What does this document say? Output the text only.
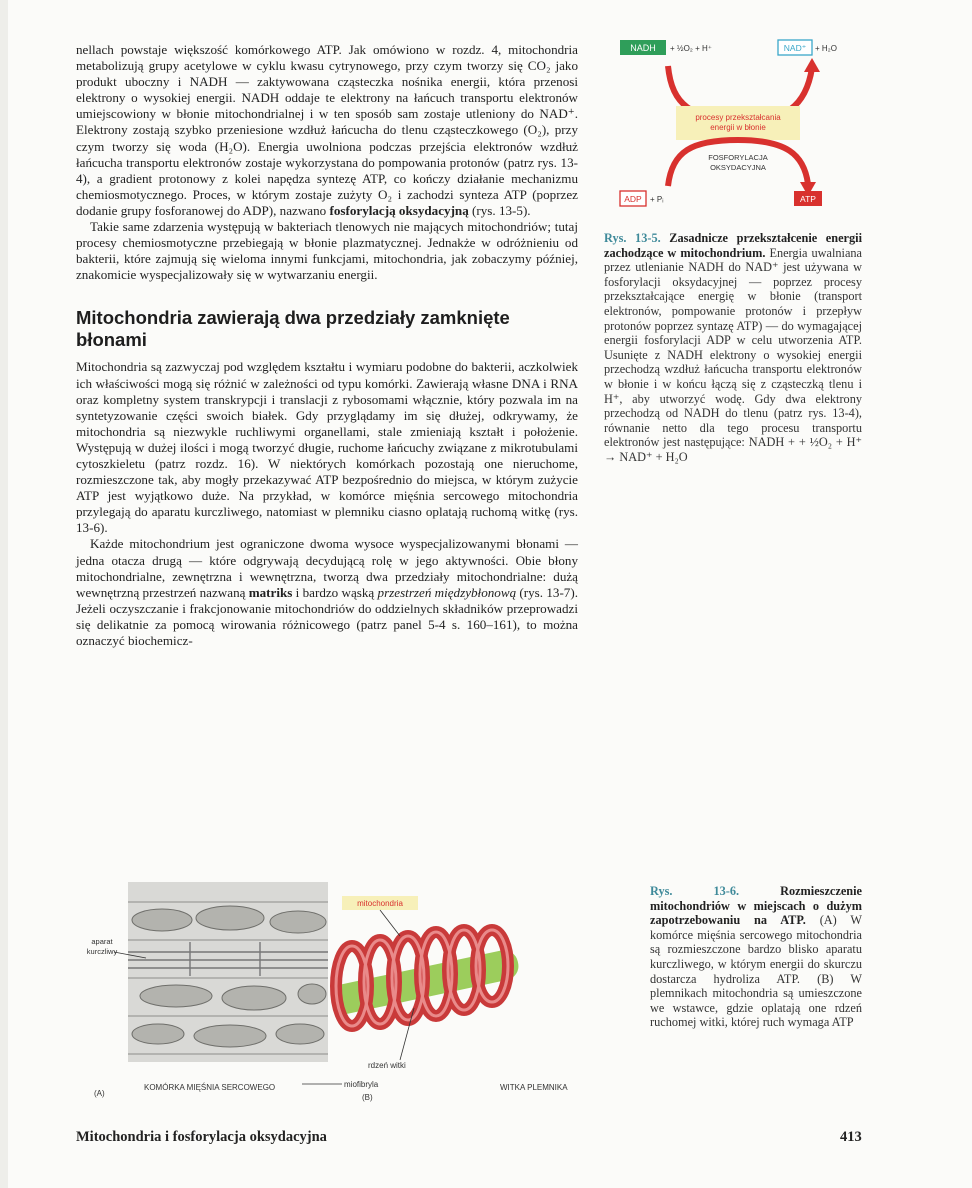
nellach powstaje większość komórkowego ATP. Jak omówiono w rozdz. 4, mitochondria metabolizują grupy acetylowe w cyklu kwasu cytrynowego, przy czym tworzy się CO₂ jako produkt uboczny i NADH — zaktywowana cząsteczka nośnika energii, która przenosi elektrony o wysokiej energii. NADH oddaje te elektrony na łańcuch transportu elektronów umiejscowiony w błonie mitochondrialnej i w ten sposób sam zostaje utleniony do NAD⁺. Elektrony zostają szybko przeniesione wzdłuż łańcucha do tlenu cząsteczkowego (O₂), przy czym tworzy się woda (H₂O). Energia uwolniona podczas przejścia elektronów wzdłuż łańcucha transportu elektronów zostaje wykorzystana do pompowania protonów (patrz rys. 13-4), a gradient protonowy z kolei napędza syntezę ATP, co kończy działanie mechanizmu chemiosmotycznego. Proces, w którym zostaje zużyty O₂ i zachodzi synteza ATP (poprzez dodanie grupy fosforanowej do ADP), nazwano fosforylacją oksydacyjną (rys. 13-5).

Takie same zdarzenia występują w bakteriach tlenowych nie mających mitochondriów; tutaj procesy chemiosmotyczne przebiegają w błonie plazmatycznej. Jednakże w odróżnieniu od bakterii, które zajmują się wieloma innymi funkcjami, mitochondria, jak zobaczymy później, znakomicie wyspecjalizowały się w wytwarzaniu energii.

Mitochondria zawierają dwa przedziały zamknięte błonami

Mitochondria są zazwyczaj pod względem kształtu i wymiaru podobne do bakterii, aczkolwiek ich właściwości mogą się różnić w zależności od typu komórki. Zawierają własne DNA i RNA oraz kompletny system transkrypcji i translacji z rybosomami włącznie, który pozwala im na syntetyzowanie części swoich białek. Gdy przyglądamy im się dłużej, odkrywamy, że mitochondria są niezwykle ruchliwymi organellami, stale zmieniają kształt i położenie. Występują w dużej ilości i mogą tworzyć długie, ruchome łańcuchy związane z mikrotubulami cytoszkieletu (patrz rozdz. 16). W niektórych komórkach pozostają one nieruchome, rozmieszczone tak, aby mogły przekazywać ATP bezpośrednio do miejsca, w którym zużycie ATP jest wyjątkowo duże. Na przykład, w komórce mięśnia sercowego mitochondria przylegają do aparatu kurczliwego, natomiast w plemniku ciasno oplatają ruchomą witkę (rys. 13-6).

Każde mitochondrium jest ograniczone dwoma wysoce wyspecjalizowanymi błonami — jedna otacza drugą — które odgrywają decydującą rolę w jego aktywności. Obie błony mitochondrialne, zewnętrzna i wewnętrzna, tworzą dwa przedziały mitochondrialne: dużą wewnętrzną przestrzeń nazwaną matriks i bardzo wąską przestrzeń międzybłonową (rys. 13-7). Jeżeli oczyszczanie i frakcjonowanie mitochondriów do oddzielnych składników przeprowadzi się delikatnie za pomocą wirowania różnicowego (patrz panel 5-4 s. 160–161), to można oznaczyć biochemicz-

NADH + ½O₂ + H⁺	NAD⁺ + H₂O
procesy przekształcania
energii w błonie
FOSFORYLACJA
OKSYDACYJNA
ADP + Pᵢ	ATP
Rys. 13-5. Zasadnicze przekształcenie energii zachodzące w mitochondrium. Energia uwalniana przez utlenianie NADH do NAD⁺ jest używana w fosforylacji oksydacyjnej — poprzez procesy przekształcające energię w błonie (transport elektronów, pompowanie protonów i przepływ protonów poprzez syntazę ATP) — do wymagającej energii fosforylacji ADP w celu utworzenia ATP. Usunięte z NADH elektrony o wysokiej energii przechodzą wzdłuż łańcucha transportu elektronów w błonie i w końcu łączą się z cząsteczką tlenu i H⁺, aby utworzyć wodę. Gdy dwa elektrony przechodzą od NADH do tlenu (patrz rys. 13-4), równanie netto dla tego procesu transportu elektronów jest następujące: NADH + + ½O₂ + H⁺ → NAD⁺ + H₂O
aparat
kurczliwy
(A)
KOMÓRKA MIĘŚNIA SERCOWEGO
mitochondria
rdzeń witki
miofibryla
(B)
WITKA PLEMNIKA
Rys. 13-6.	Rozmieszczenie mitochondriów w miejscach o dużym zapotrzebowaniu na ATP. (A) W komórce mięśnia sercowego mitochondria są rozmieszczone bardzo blisko aparatu kurczliwego, w którym energii do skurczu dostarcza hydroliza ATP. (B) W plemnikach mitochondria są umieszczone we wstawce, gdzie oplatają one rdzeń ruchomej witki, której ruch wymaga ATP
Mitochondria i fosforylacja oksydacyjna	413
